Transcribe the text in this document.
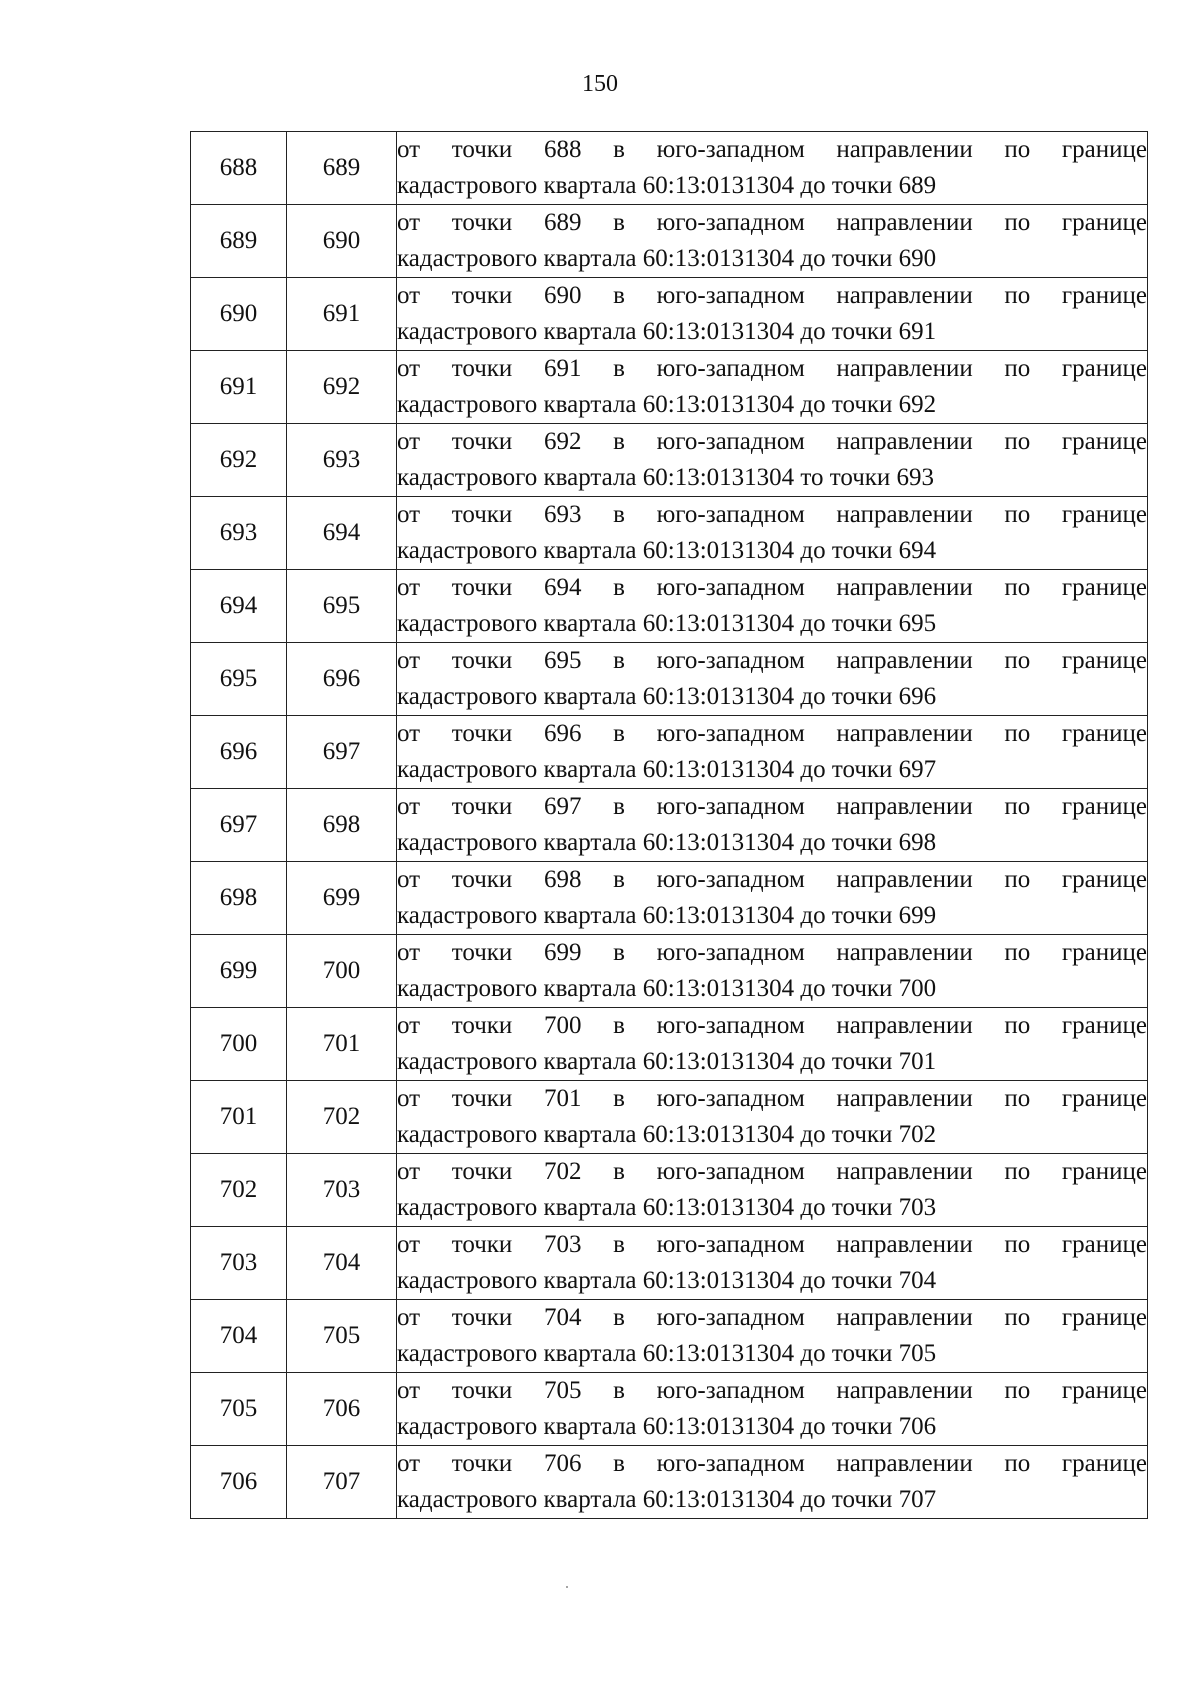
150
688	689	от точки 688 в юго-западном направлении по границе
кадастрового квартала 60:13:0131304 до точки 689

689	690	от точки 689 в юго-западном направлении по границе
кадастрового квартала 60:13:0131304 до точки 690

690	691	от точки 690 в юго-западном направлении по границе
кадастрового квартала 60:13:0131304 до точки 691

691	692	от точки 691 в юго-западном направлении по границе
кадастрового квартала 60:13:0131304 до точки 692

692	693	от точки 692 в юго-западном направлении по границе
кадастрового квартала 60:13:0131304 то точки 693

693	694	от точки 693 в юго-западном направлении по границе
кадастрового квартала 60:13:0131304 до точки 694

694	695	от точки 694 в юго-западном направлении по границе
кадастрового квартала 60:13:0131304 до точки 695

695	696	от точки 695 в юго-западном направлении по границе
кадастрового квартала 60:13:0131304 до точки 696

696	697	от точки 696 в юго-западном направлении по границе
кадастрового квартала 60:13:0131304 до точки 697

697	698	от точки 697 в юго-западном направлении по границе
кадастрового квартала 60:13:0131304 до точки 698

698	699	от точки 698 в юго-западном направлении по границе
кадастрового квартала 60:13:0131304 до точки 699

699	700	от точки 699 в юго-западном направлении по границе
кадастрового квартала 60:13:0131304 до точки 700

700	701	от точки 700 в юго-западном направлении по границе
кадастрового квартала 60:13:0131304 до точки 701

701	702	от точки 701 в юго-западном направлении по границе
кадастрового квартала 60:13:0131304 до точки 702

702	703	от точки 702 в юго-западном направлении по границе
кадастрового квартала 60:13:0131304 до точки 703

703	704	от точки 703 в юго-западном направлении по границе
кадастрового квартала 60:13:0131304 до точки 704

704	705	от точки 704 в юго-западном направлении по границе
кадастрового квартала 60:13:0131304 до точки 705

705	706	от точки 705 в юго-западном направлении по границе
кадастрового квартала 60:13:0131304 до точки 706

706	707	от точки 706 в юго-западном направлении по границе
кадастрового квартала 60:13:0131304 до точки 707
